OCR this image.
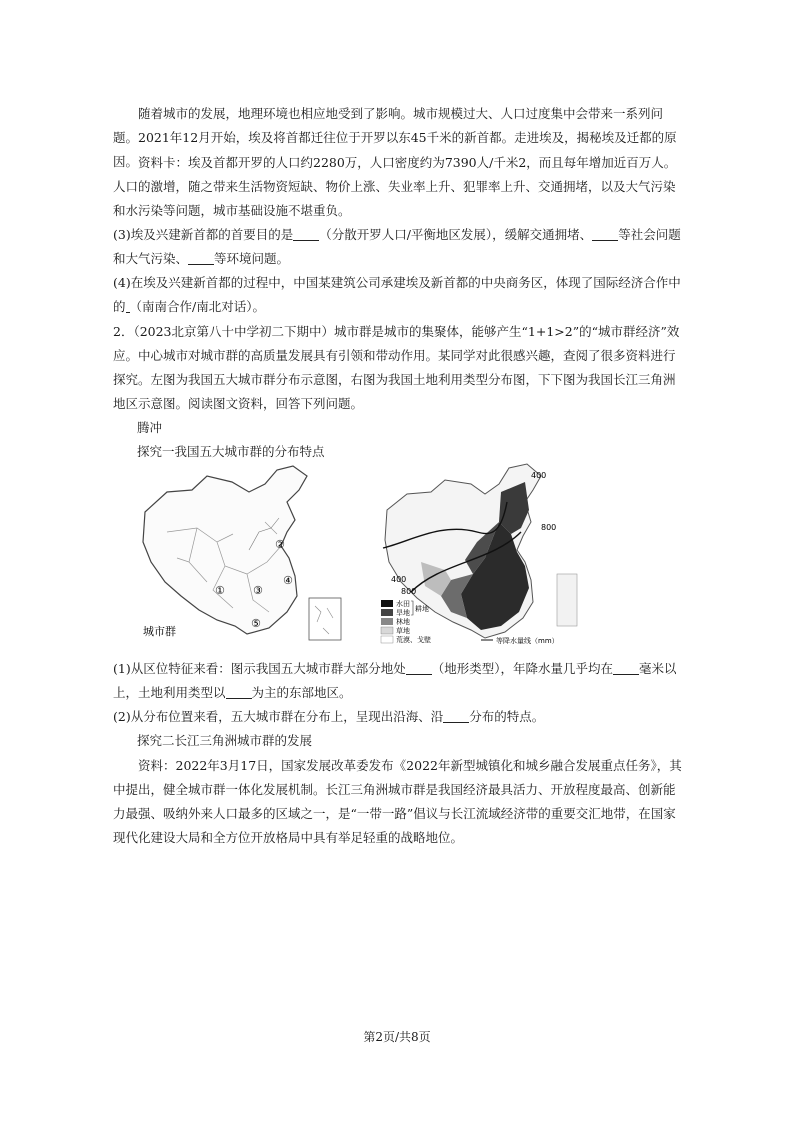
随着城市的发展，地理环境也相应地受到了影响。城市规模过大、人口过度集中会带来一系列问题。2021年12月开始，埃及将首都迁往位于开罗以东45千米的新首都。走进埃及，揭秘埃及迁都的原因。 资料卡：埃及首都开罗的人口约2280万，人口密度约为7390人/千米2，而且每年增加近百万人。人口的激增，随之带来生活物资短缺、物价上涨、失业率上升、犯罪率上升、交通拥堵，以及大气污染和水污染等问题，城市基础设施不堪重负。

(3)埃及兴建新首都的首要目的是 （分散开罗人口/平衡地区发展），缓解交通拥堵、 等社会问题和大气污染、 等环境问题。

(4)在埃及兴建新首都的过程中，中国某建筑公司承建埃及新首都的中央商务区，体现了国际经济合作中的 （南南合作/南北对话）。

2．（2023北京第八十中学初二下期中）城市群是城市的集聚体，能够产生“1+1>2”的“城市群经济”效应。中心城市对城市群的高质量发展具有引领和带动作用。某同学对此很感兴趣，查阅了很多资料进行探究。左图为我国五大城市群分布示意图，右图为我国土地利用类型分布图，下下图为我国长江三角洲地区示意图。阅读图文资料，回答下列问题。

腾冲

探究一我国五大城市群的分布特点

①
②
③
④
⑤
城市群
400
800
400
800
水田
旱地 耕地
林地
草地
荒漠、戈壁	等降水量线（mm）

(1)从区位特征来看：图示我国五大城市群大部分地处 （地形类型），年降水量几乎均在 毫米以上，土地利用类型以 为主的东部地区。

(2)从分布位置来看，五大城市群在分布上，呈现出沿海、沿 分布的特点。

探究二长江三角洲城市群的发展

资料：2022年3月17日，国家发展改革委发布《2022年新型城镇化和城乡融合发展重点任务》，其中提出，健全城市群一体化发展机制。长江三角洲城市群是我国经济最具活力、开放程度最高、创新能力最强、吸纳外来人口最多的区域之一，是“一带一路”倡议与长江流域经济带的重要交汇地带，在国家现代化建设大局和全方位开放格局中具有举足轻重的战略地位。

第2页/共8页
